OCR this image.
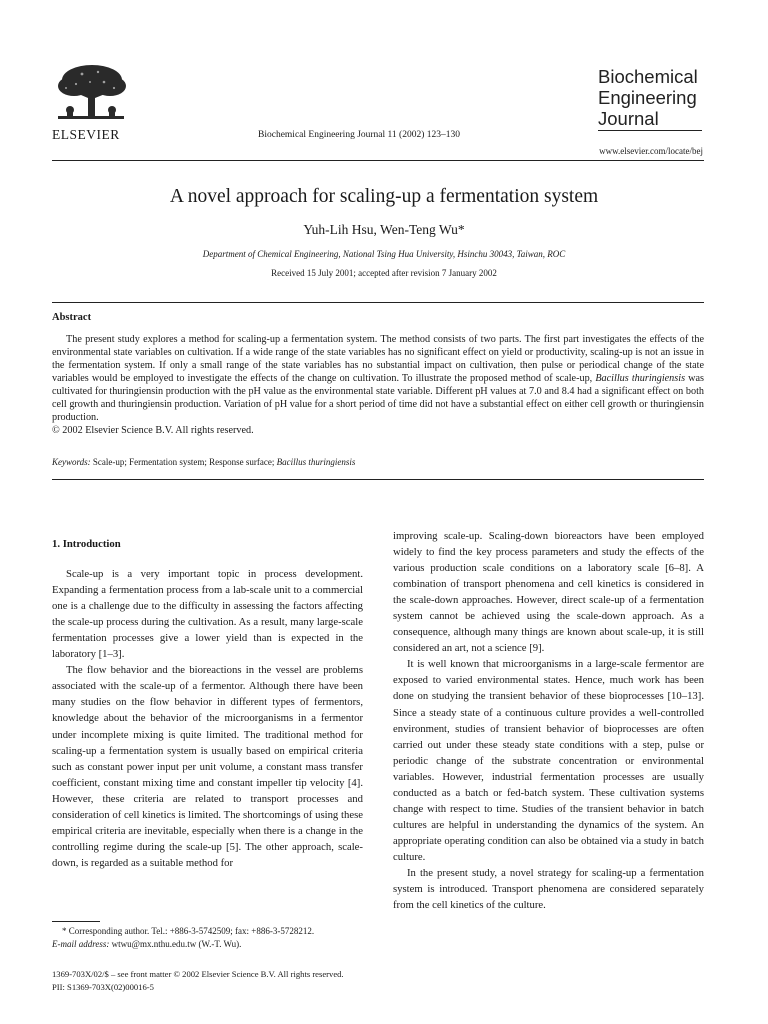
ELSEVIER	Biochemical Engineering Journal 11 (2002) 123–130
Biochemical
Engineering
Journal
www.elsevier.com/locate/bej
A novel approach for scaling-up a fermentation system
Yuh-Lih Hsu, Wen-Teng Wu*
Department of Chemical Engineering, National Tsing Hua University, Hsinchu 30043, Taiwan, ROC
Received 15 July 2001; accepted after revision 7 January 2002
Abstract
The present study explores a method for scaling-up a fermentation system. The method consists of two parts. The first part investigates the effects of the environmental state variables on cultivation. If a wide range of the state variables has no significant effect on yield or productivity, scaling-up is not an issue in the fermentation system. If only a small range of the state variables has no substantial impact on cultivation, then pulse or periodical change of the state variables would be employed to investigate the effects of the change on cultivation. To illustrate the proposed method of scale-up, Bacillus thuringiensis was cultivated for thuringiensin production with the pH value as the environmental state variable. Different pH values at 7.0 and 8.4 had a significant effect on both cell growth and thuringiensin production. Variation of pH value for a short period of time did not have a substantial effect on either cell growth or thuringiensin production.
© 2002 Elsevier Science B.V. All rights reserved.
Keywords: Scale-up; Fermentation system; Response surface; Bacillus thuringiensis

1. Introduction

Scale-up is a very important topic in process development. Expanding a fermentation process from a lab-scale unit to a commercial one is a challenge due to the difficulty in assessing the factors affecting the scale-up process during the cultivation. As a result, many large-scale fermentation processes give a lower yield than is expected in the laboratory [1–3].

The flow behavior and the bioreactions in the vessel are problems associated with the scale-up of a fermentor. Although there have been many studies on the flow behavior in different types of fermentors, knowledge about the behavior of the microorganisms in a fermentor under incomplete mixing is quite limited. The traditional method for scaling-up a fermentation system is usually based on empirical criteria such as constant power input per unit volume, a constant mass transfer coefficient, constant mixing time and constant impeller tip velocity [4]. However, these criteria are related to transport processes and consideration of cell kinetics is limited. The shortcomings of using these empirical criteria are inevitable, especially when there is a change in the controlling regime during the scale-up [5]. The other approach, scale-down, is regarded as a suitable method for

improving scale-up. Scaling-down bioreactors have been employed widely to find the key process parameters and study the effects of the various production scale conditions on a laboratory scale [6–8]. A combination of transport phenomena and cell kinetics is considered in the scale-down approaches. However, direct scale-up of a fermentation system cannot be achieved using the scale-down approach. As a consequence, although many things are known about scale-up, it is still considered an art, not a science [9].

It is well known that microorganisms in a large-scale fermentor are exposed to varied environmental states. Hence, much work has been done on studying the transient behavior of these bioprocesses [10–13]. Since a steady state of a continuous culture provides a well-controlled environment, studies of transient behavior of bioprocesses are often carried out under these steady state conditions with a step, pulse or periodic change of the substrate concentration or environmental variables. However, industrial fermentation processes are usually conducted as a batch or fed-batch system. These cultivation systems change with respect to time. Studies of the transient behavior in batch cultures are helpful in understanding the dynamics of the system. An appropriate operating condition can also be obtained via a study in batch culture.

In the present study, a novel strategy for scaling-up a fermentation system is introduced. Transport phenomena are considered separately from the cell kinetics of the culture.

* Corresponding author. Tel.: +886-3-5742509; fax: +886-3-5728212.
E-mail address: wtwu@mx.nthu.edu.tw (W.-T. Wu).
1369-703X/02/$ – see front matter © 2002 Elsevier Science B.V. All rights reserved.
PII: S1369-703X(02)00016-5
